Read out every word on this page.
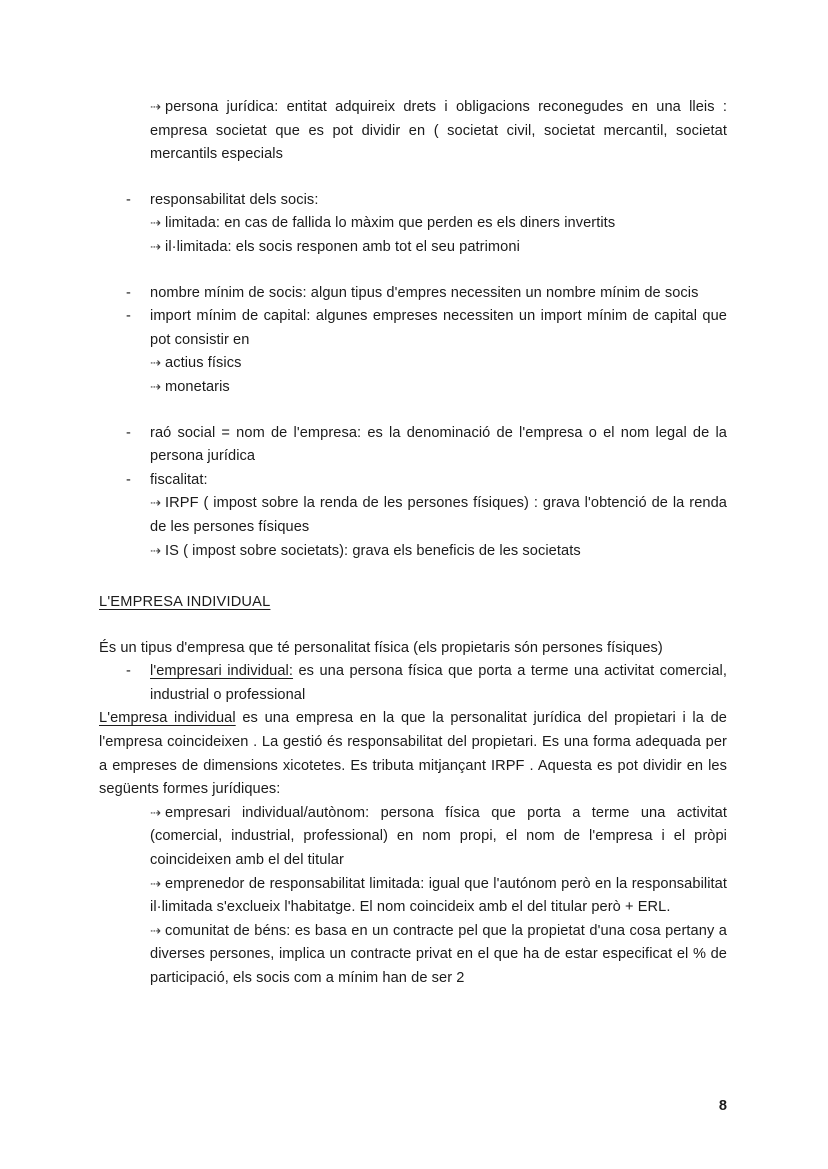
⇢ persona jurídica: entitat adquireix drets i obligacions reconegudes en una lleis : empresa societat que es pot dividir en ( societat civil, societat mercantil, societat mercantils especials
- responsabilitat dels socis:
⇢ limitada: en cas de fallida lo màxim que perden es els diners invertits
⇢ il·limitada: els socis responen amb tot el seu patrimoni
- nombre mínim de socis: algun tipus d'empres necessiten un nombre mínim de socis
- import mínim de capital: algunes empreses necessiten un import mínim de capital que pot consistir en
⇢ actius físics
⇢ monetaris
- raó social = nom de l'empresa: es la denominació de l'empresa o el nom legal de la persona jurídica
- fiscalitat:
⇢ IRPF ( impost sobre la renda de les persones físiques) : grava l'obtenció de la renda de les persones físiques
⇢ IS ( impost sobre societats): grava els beneficis de les societats
L'EMPRESA INDIVIDUAL

És un tipus d'empresa que té personalitat física (els propietaris són persones físiques)

- l'empresari individual: es una persona física que porta a terme una activitat comercial, industrial o professional

L'empresa individual es una empresa en la que la personalitat jurídica del propietari i la de l'empresa coincideixen . La gestió és responsabilitat del propietari. Es una forma adequada per a empreses de dimensions xicotetes. Es tributa mitjançant IRPF . Aquesta es pot dividir en les següents formes jurídiques:

⇢ empresari individual/autònom: persona física que porta a terme una activitat (comercial, industrial, professional) en nom propi, el nom de l'empresa i el pròpi coincideixen amb el del titular
⇢ emprenedor de responsabilitat limitada: igual que l'autónom però en la responsabilitat il·limitada s'exclueix l'habitatge. El nom coincideix amb el del titular però + ERL.
⇢ comunitat de béns: es basa en un contracte pel que la propietat d'una cosa pertany a diverses persones, implica un contracte privat en el que ha de estar especificat el % de participació, els socis com a mínim han de ser 2
8
